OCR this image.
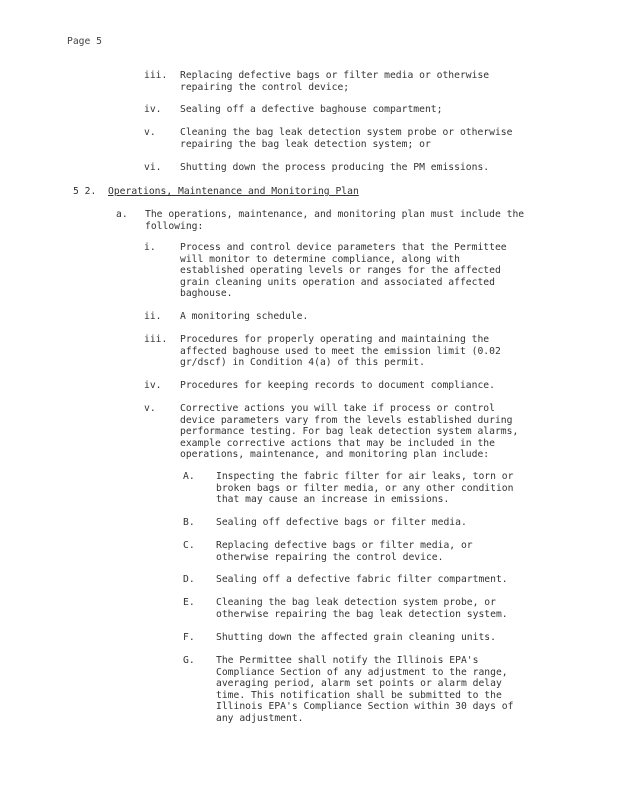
Page 5
iii.	Replacing defective bags or filter media or otherwise
repairing the control device;
iv.	Sealing off a defective baghouse compartment;
v.	Cleaning the bag leak detection system probe or otherwise
repairing the bag leak detection system; or
vi.	Shutting down the process producing the PM emissions.
5 2.	Operations, Maintenance and Monitoring Plan
a.	The operations, maintenance, and monitoring plan must include the
following:
i.	Process and control device parameters that the Permittee
will monitor to determine compliance, along with
established operating levels or ranges for the affected
grain cleaning units operation and associated affected
baghouse.
ii.	A monitoring schedule.
iii.	Procedures for properly operating and maintaining the
affected baghouse used to meet the emission limit (0.02
gr/dscf) in Condition 4(a) of this permit.
iv.	Procedures for keeping records to document compliance.
v.	Corrective actions you will take if process or control
device parameters vary from the levels established during
performance testing. For bag leak detection system alarms,
example corrective actions that may be included in the
operations, maintenance, and monitoring plan include:
A.	Inspecting the fabric filter for air leaks, torn or
broken bags or filter media, or any other condition
that may cause an increase in emissions.
B.	Sealing off defective bags or filter media.
C.	Replacing defective bags or filter media, or
otherwise repairing the control device.
D.	Sealing off a defective fabric filter compartment.
E.	Cleaning the bag leak detection system probe, or
otherwise repairing the bag leak detection system.
F.	Shutting down the affected grain cleaning units.
G.	The Permittee shall notify the Illinois EPA's
Compliance Section of any adjustment to the range,
averaging period, alarm set points or alarm delay
time. This notification shall be submitted to the
Illinois EPA's Compliance Section within 30 days of
any adjustment.
